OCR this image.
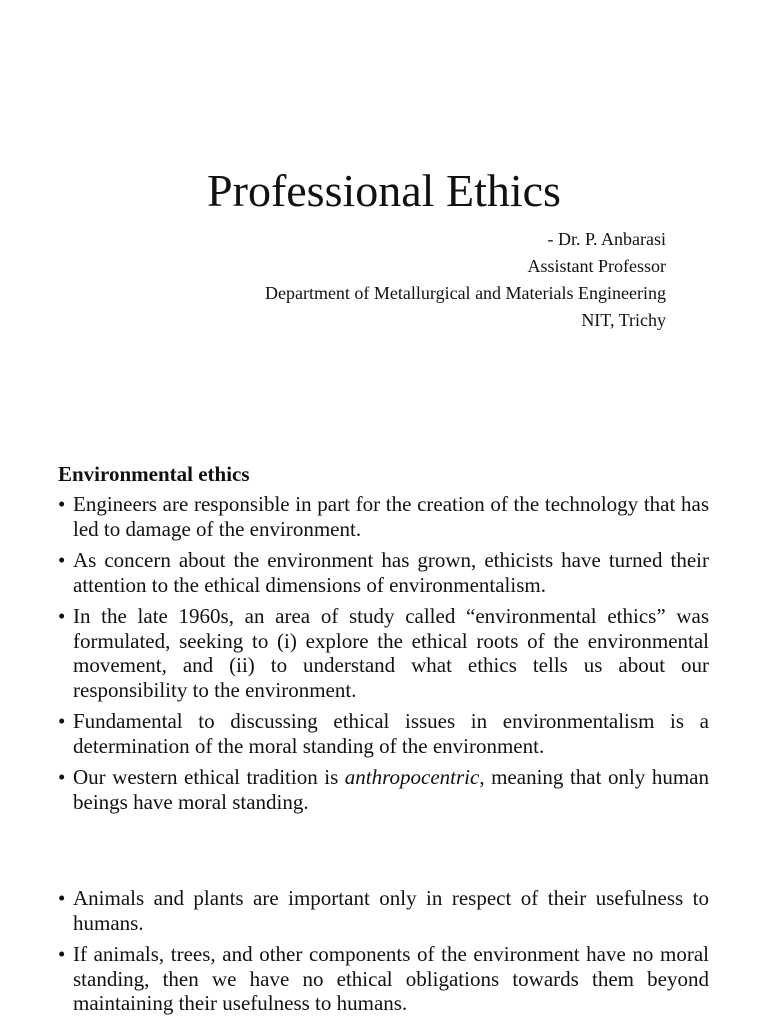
Professional Ethics
- Dr. P. Anbarasi
Assistant Professor
Department of Metallurgical and Materials Engineering
NIT, Trichy
Environmental ethics
• Engineers are responsible in part for the creation of the technology that has led to damage of the environment.
• As concern about the environment has grown, ethicists have turned their attention to the ethical dimensions of environmentalism.
• In the late 1960s, an area of study called “environmental ethics” was formulated, seeking to (i) explore the ethical roots of the environmental movement, and (ii) to understand what ethics tells us about our responsibility to the environment.
• Fundamental to discussing ethical issues in environmentalism is a determination of the moral standing of the environment.
• Our western ethical tradition is anthropocentric, meaning that only human beings have moral standing.
• Animals and plants are important only in respect of their usefulness to humans.
• If animals, trees, and other components of the environment have no moral standing, then we have no ethical obligations towards them beyond maintaining their usefulness to humans.
